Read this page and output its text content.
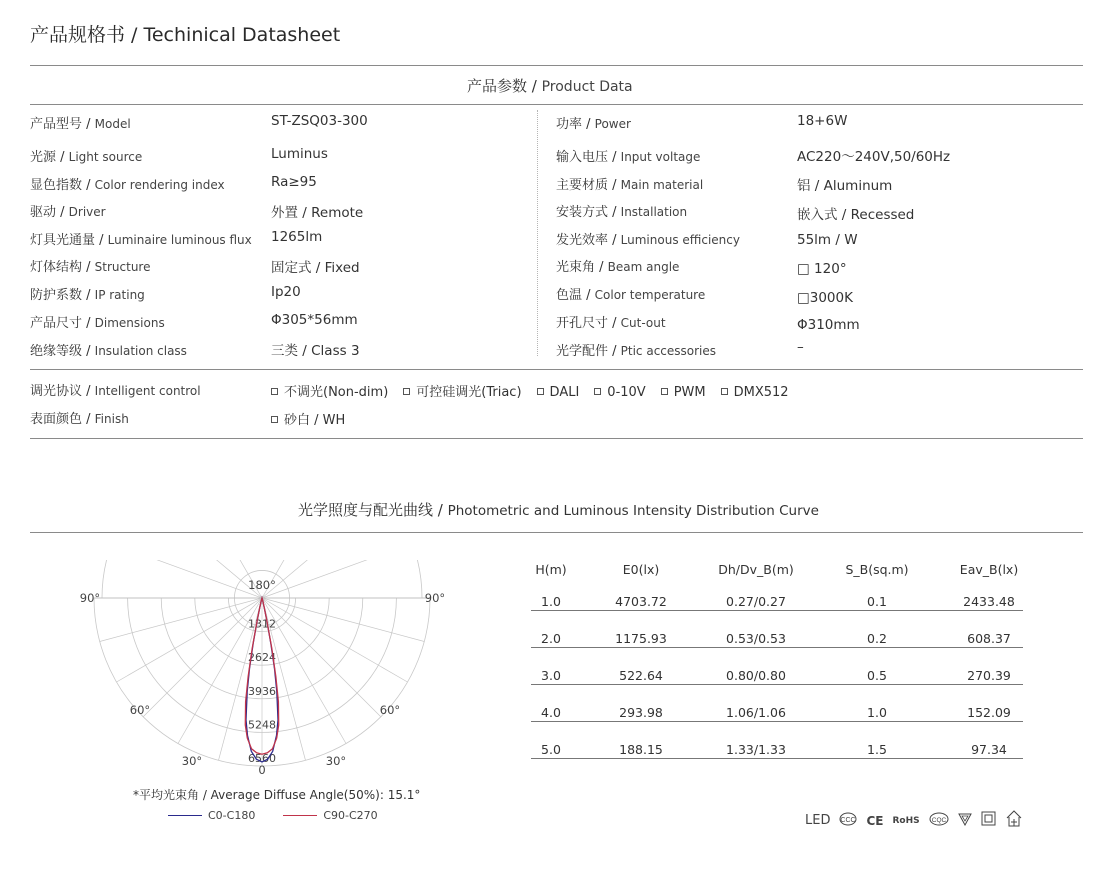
产品规格书 / Techinical Datasheet
产品参数 / Product Data
产品型号 / Model	ST-ZSQ03-300
光源 / Light source	Luminus
显色指数 / Color rendering index	Ra≥95
驱动 / Driver	外置 / Remote
灯具光通量 / Luminaire luminous flux 1265lm
灯体结构 / Structure	固定式 / Fixed
防护系数 / IP rating	Ip20
产品尺寸 / Dimensions	Φ305*56mm
绝缘等级 / Insulation class	三类 / Class 3
功率 / Power	18+6W
输入电压 / Input voltage	AC220～240V,50/60Hz
主要材质 / Main material	铝 / Aluminum
安装方式 / Installation	嵌入式 / Recessed
发光效率 / Luminous efficiency	55lm / W
光束角 / Beam angle	□ 120°
色温 / Color temperature	□3000K
开孔尺寸 / Cut-out	Φ310mm
光学配件 / Ptic accessories	–
调光协议 / Intelligent control	不调光(Non-dim) 可控硅调光(Triac) DALI 0-10V PWM DMX512
表面颜色 / Finish	砂白 / WH
光学照度与配光曲线 / Photometric and Luminous Intensity Distribution Curve
1312
2624
3936
5248
6560
180°
90°	90°
60°	60°
30°	30°
0
*平均光束角 / Average Diffuse Angle(50%): 15.1°
C0-C180	C90-C270
H(m)	E0(lx)	Dh/Dv_B(m)	S_B(sq.m)	Eav_B(lx)
1.0	4703.72	0.27/0.27	0.1	2433.48
2.0	1175.93	0.53/0.53	0.2	608.37
3.0	522.64	0.80/0.80	0.5	270.39
4.0	293.98	1.06/1.06	1.0	152.09
5.0	188.15	1.33/1.33	1.5	97.34
LED CCC CE RoHS CQC
